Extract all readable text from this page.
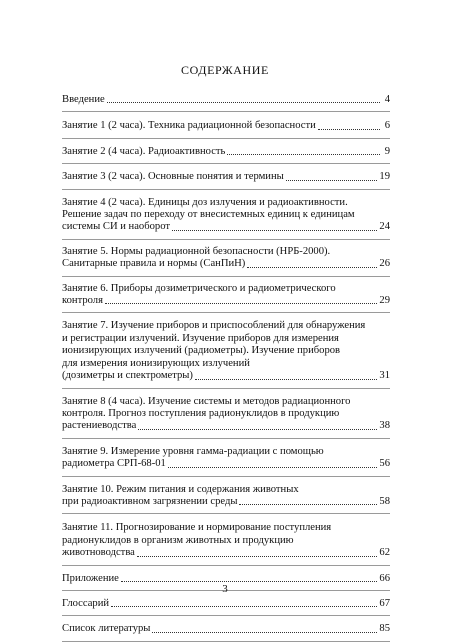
СОДЕРЖАНИЕ
Введение	4
Занятие 1 (2 часа). Техника радиационной безопасности	6
Занятие 2 (4 часа). Радиоактивность	9
Занятие 3 (2 часа). Основные понятия и термины	19
Занятие 4 (2 часа). Единицы доз излучения и радиоактивности.
Решение задач по переходу от внесистемных единиц к единицам
системы СИ и наоборот	24
Занятие 5. Нормы радиационной безопасности (НРБ-2000).
Санитарные правила и нормы (СанПиН)	26
Занятие 6. Приборы дозиметрического и радиометрического
контроля	29
Занятие 7. Изучение приборов и приспособлений для обнаружения
и регистрации излучений. Изучение приборов для измерения
ионизирующих излучений (радиометры). Изучение приборов
для измерения ионизирующих излучений
(дозиметры и спектрометры)	31
Занятие 8 (4 часа). Изучение системы и методов радиационного
контроля. Прогноз поступления радионуклидов в продукцию
растениеводства	38
Занятие 9. Измерение уровня гамма-радиации с помощью
радиометра СРП-68-01	56
Занятие 10. Режим питания и содержания животных
при радиоактивном загрязнении среды	58
Занятие 11. Прогнозирование и нормирование поступления
радионуклидов в организм животных и продукцию
животноводства	62
Приложение	66
Глоссарий	67
Список литературы	85
3
